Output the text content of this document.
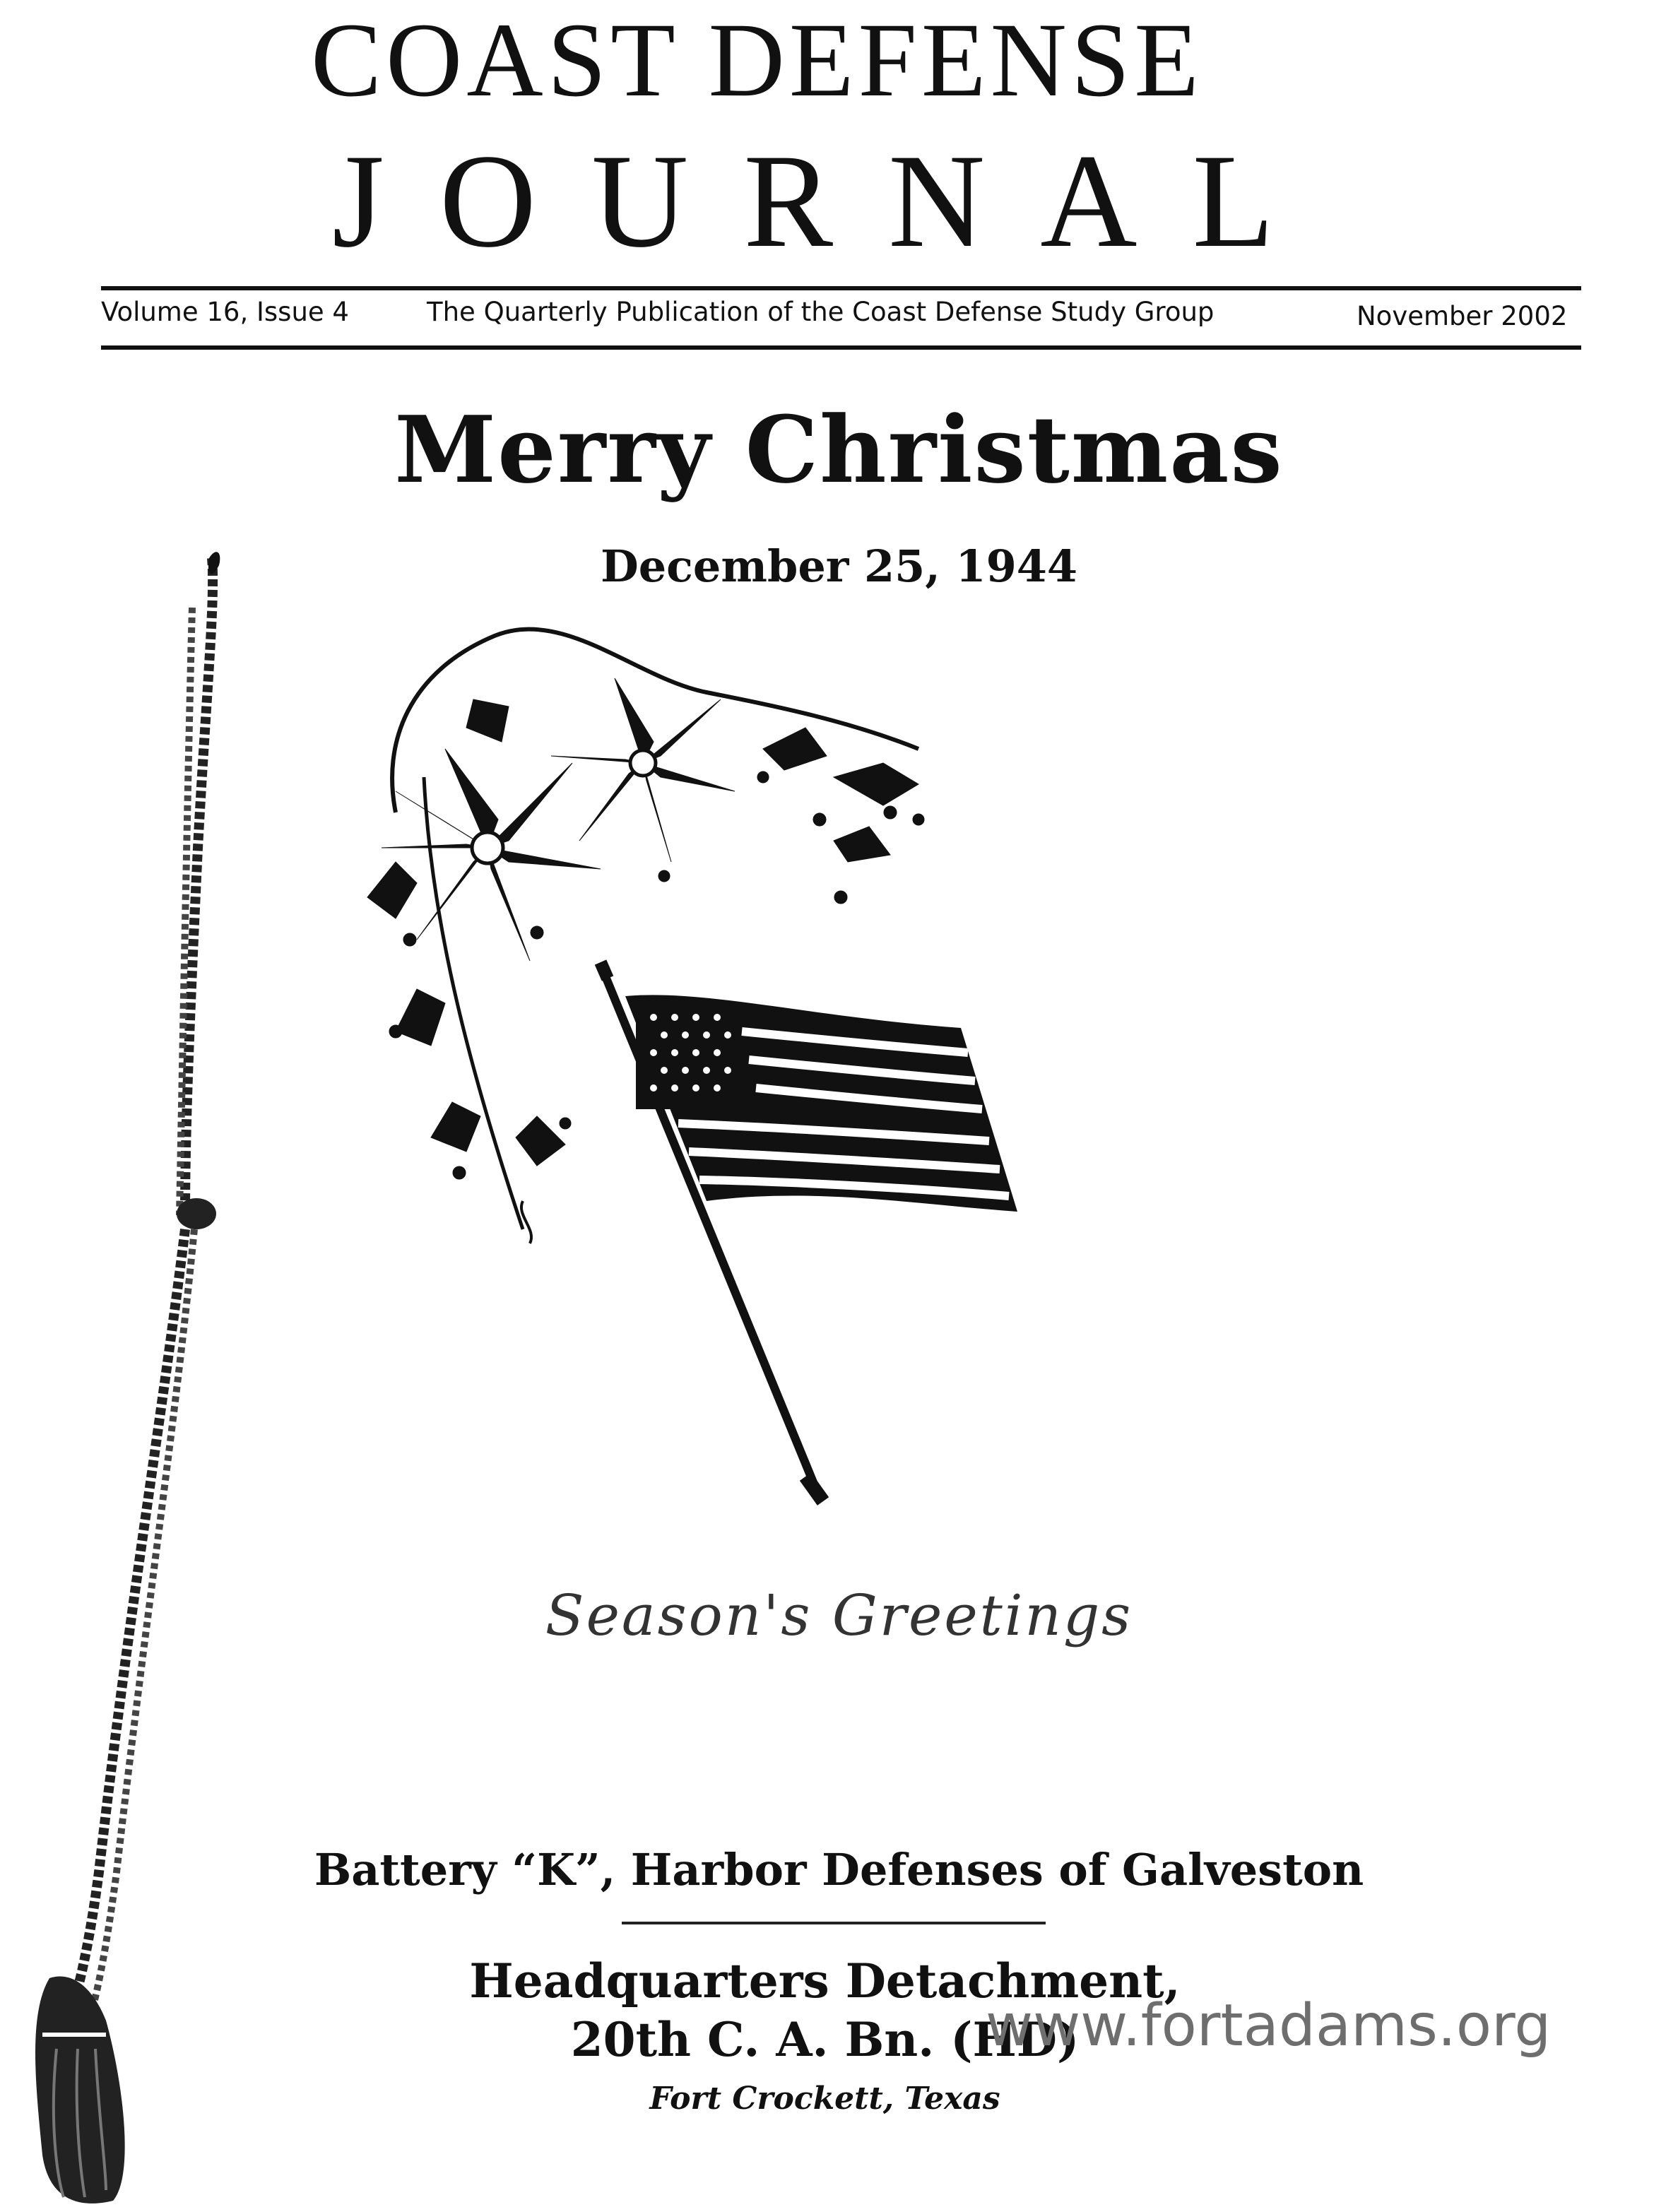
COAST DEFENSE
JOURNAL
Volume 16, Issue 4	The Quarterly Publication of the Coast Defense Study Group	November 2002
Merry Christmas
December 25, 1944
Season's Greetings
Battery “K”, Harbor Defenses of Galveston
Headquarters Detachment,
20th C. A. Bn. (HD)
Fort Crockett, Texas
www.fortadams.org
